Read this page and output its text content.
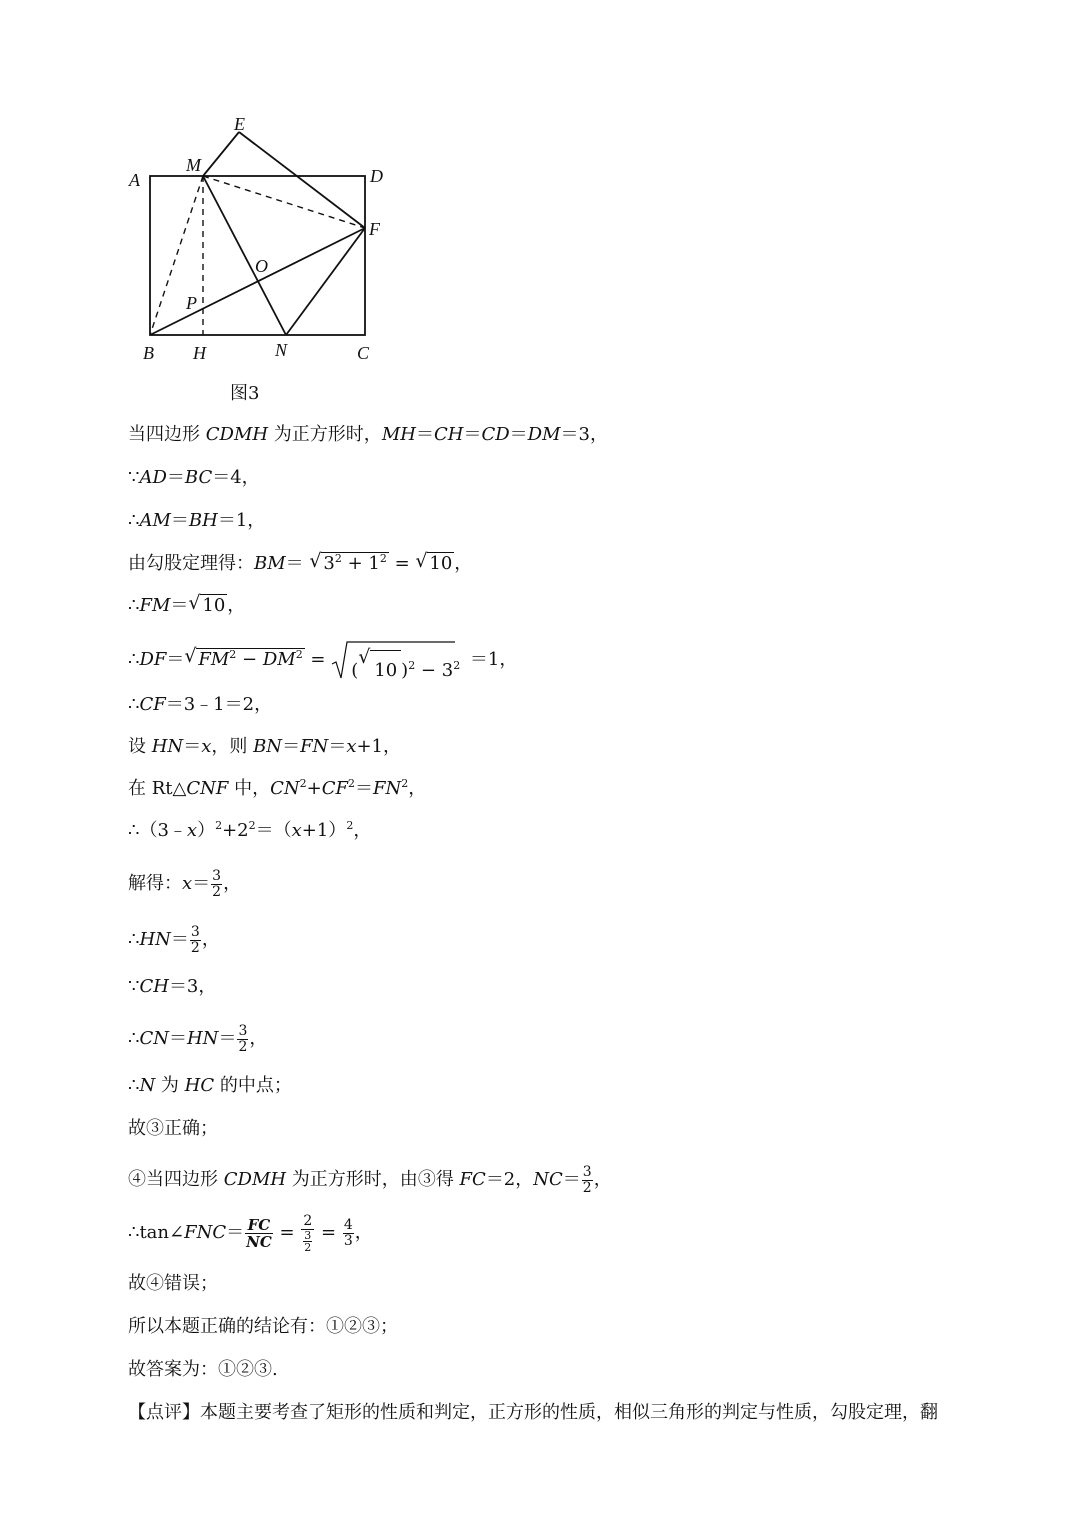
A
M
E
D
F
O
P
B H	N	C
图3
当四边形 CDMH 为正方形时，MH＝CH＝CD＝DM＝3，
∵AD＝BC＝4，
∴AM＝BH＝1，
由勾股定理得：BM＝ √ $3^2 + 1^2$ = √ 10 ，
∴FM＝ √ 10 ，
∴DF＝ √ $FM^2 - DM^2$ =
(
√
10 )$^2 - 3^2 =1$，
∴CF＝3﹣1＝2，
设 HN＝x，则 BN＝FN＝x+1，
在 Rt△CNF 中，$CN^2+CF^2=FN^2$，
$\therefore(3﹣x)^2+2^2=(x+1)^2$，
解得：$x= \frac{3}{2}$ ，
∴HN＝ $\frac{3}{2}$ ，
∵CH＝3，
∴CN＝HN＝ $\frac{3}{2}$ ，
∴N 为 HC 的中点；
故③正确；
④当四边形 CDMH 为正方形时，由③得 FC＝2，$NC= \frac{3}{2}$ ，
∴tan∠FNC＝ $\frac{FC}{NC} = \frac{2}{\frac{3}{2}} = \frac{4}{3}$ ，
故④错误；
所以本题正确的结论有：①②③；
故答案为：①②③.
【点评】本题主要考查了矩形的性质和判定，正方形的性质，相似三角形的判定与性质，勾股定理，翻
